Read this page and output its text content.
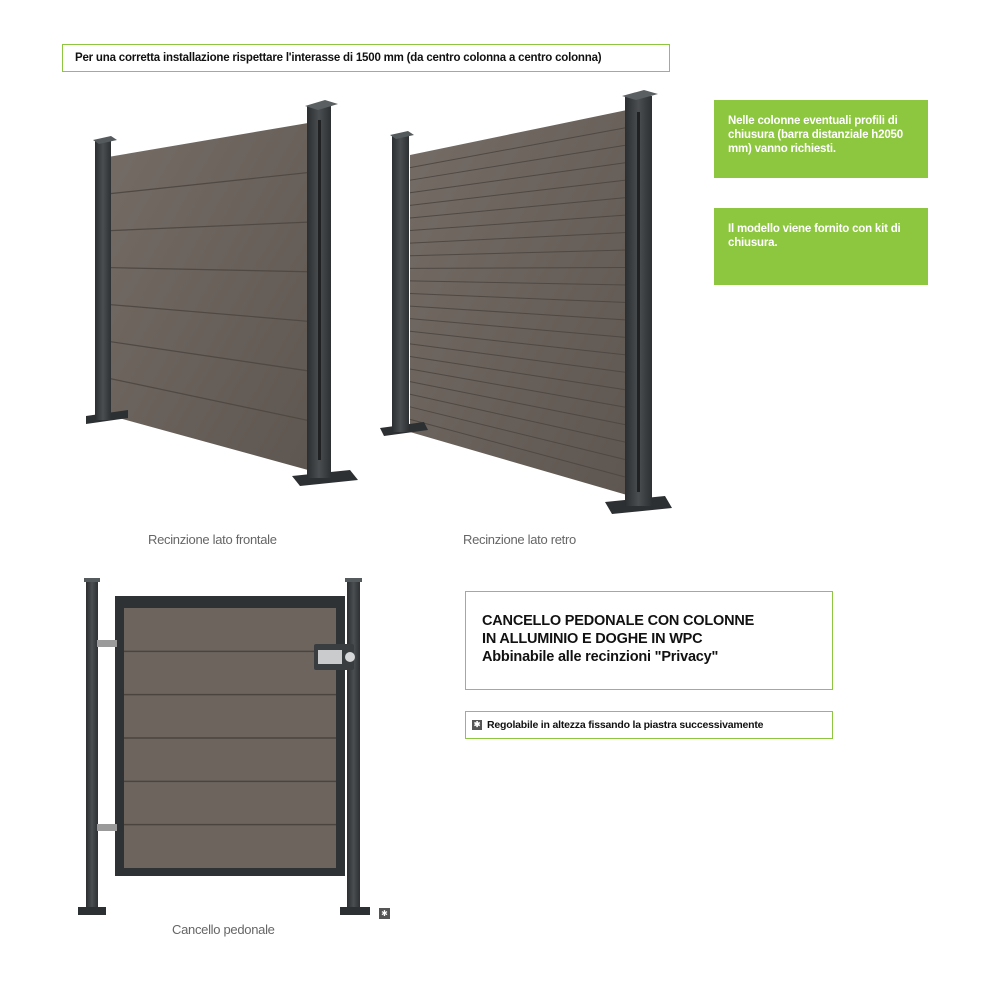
Per una corretta installazione rispettare l'interasse di 1500 mm (da centro colonna a centro colonna)
Nelle colonne eventuali profili di chiusura (barra distanziale h2050 mm) vanno richiesti.
Il modello viene fornito con kit di chiusura.
Recinzione lato frontale	Recinzione lato retro
Cancello pedonale
CANCELLO PEDONALE CON COLONNE
IN ALLUMINIO E DOGHE IN WPC
Abbinabile alle recinzioni "Privacy"
✱ Regolabile in altezza fissando la piastra successivamente
✱
